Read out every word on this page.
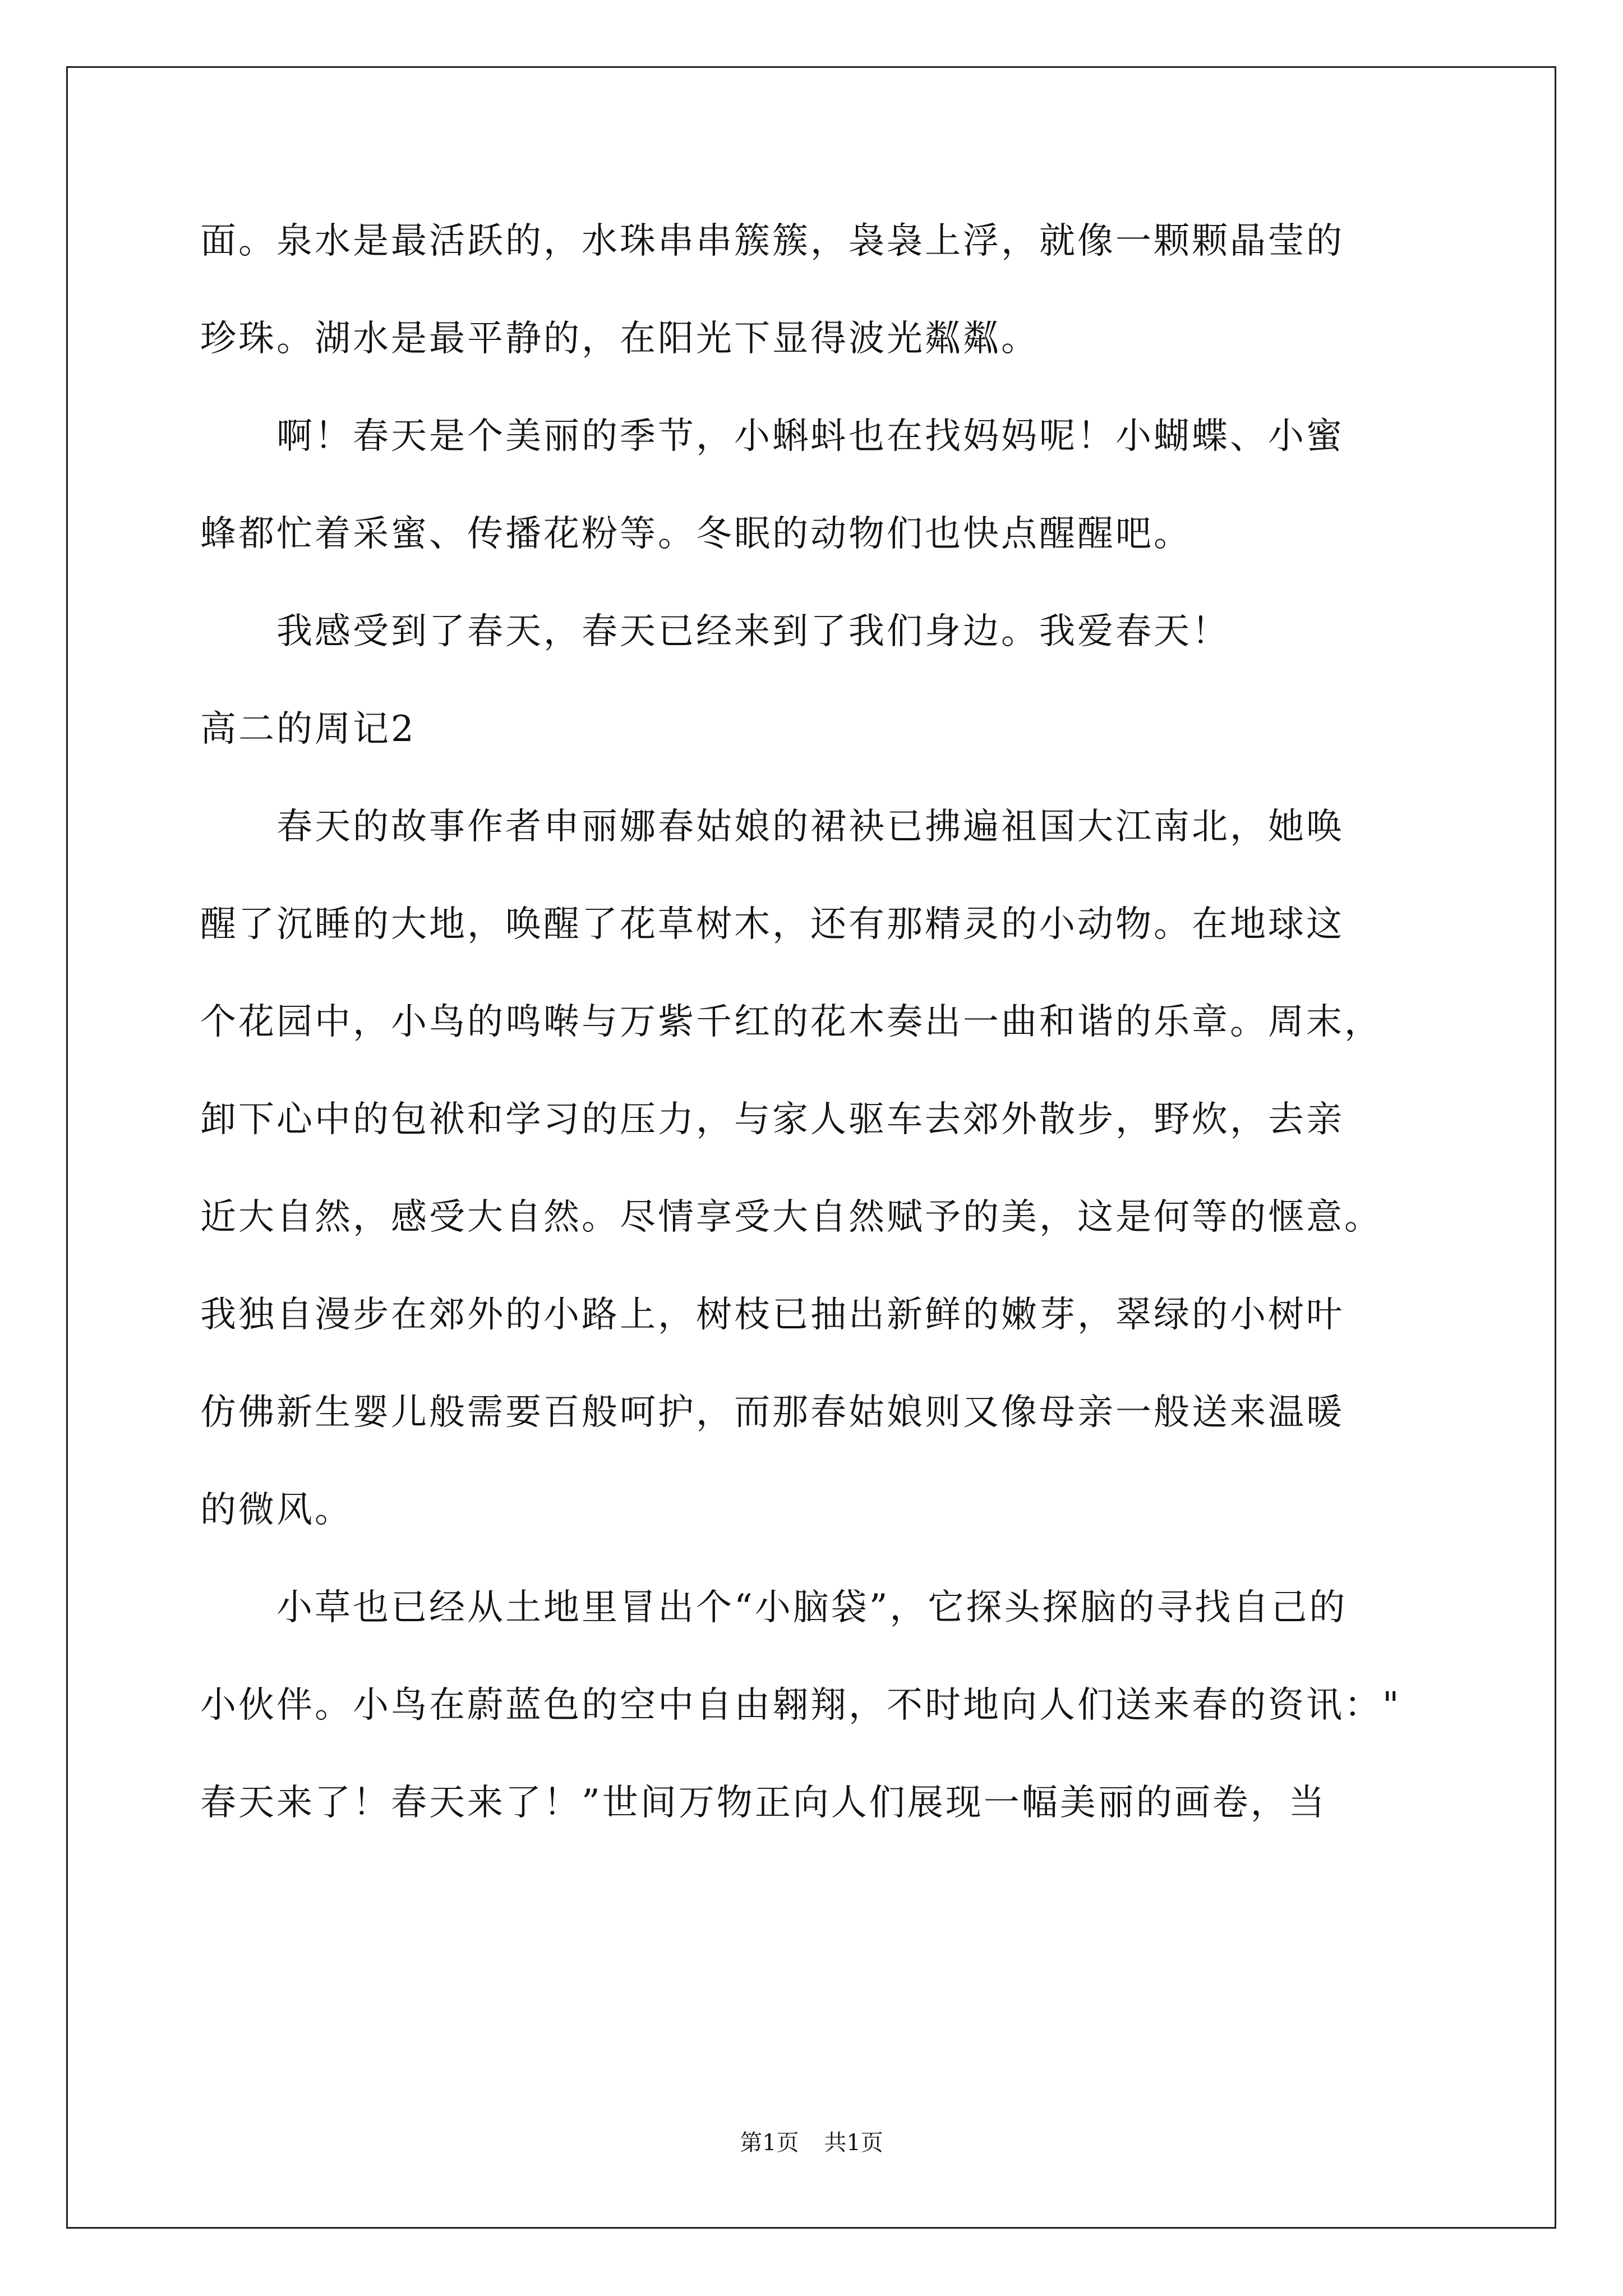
面。泉水是最活跃的，水珠串串簇簇，袅袅上浮，就像一颗颗晶莹的
珍珠。湖水是最平静的，在阳光下显得波光粼粼。
啊！春天是个美丽的季节，小蝌蚪也在找妈妈呢！小蝴蝶、小蜜
蜂都忙着采蜜、传播花粉等。冬眠的动物们也快点醒醒吧。
我感受到了春天，春天已经来到了我们身边。我爱春天！
高二的周记2
春天的故事作者申丽娜春姑娘的裙袂已拂遍祖国大江南北，她唤
醒了沉睡的大地，唤醒了花草树木，还有那精灵的小动物。在地球这
个花园中，小鸟的鸣啭与万紫千红的花木奏出一曲和谐的乐章。周末，
卸下心中的包袱和学习的压力，与家人驱车去郊外散步，野炊，去亲
近大自然，感受大自然。尽情享受大自然赋予的美，这是何等的惬意。
我独自漫步在郊外的小路上，树枝已抽出新鲜的嫩芽，翠绿的小树叶
仿佛新生婴儿般需要百般呵护，而那春姑娘则又像母亲一般送来温暖
的微风。
小草也已经从土地里冒出个“小脑袋”，它探头探脑的寻找自己的
小伙伴。小鸟在蔚蓝色的空中自由翱翔，不时地向人们送来春的资讯："
春天来了！春天来了！”世间万物正向人们展现一幅美丽的画卷，当
第1页 共1页
